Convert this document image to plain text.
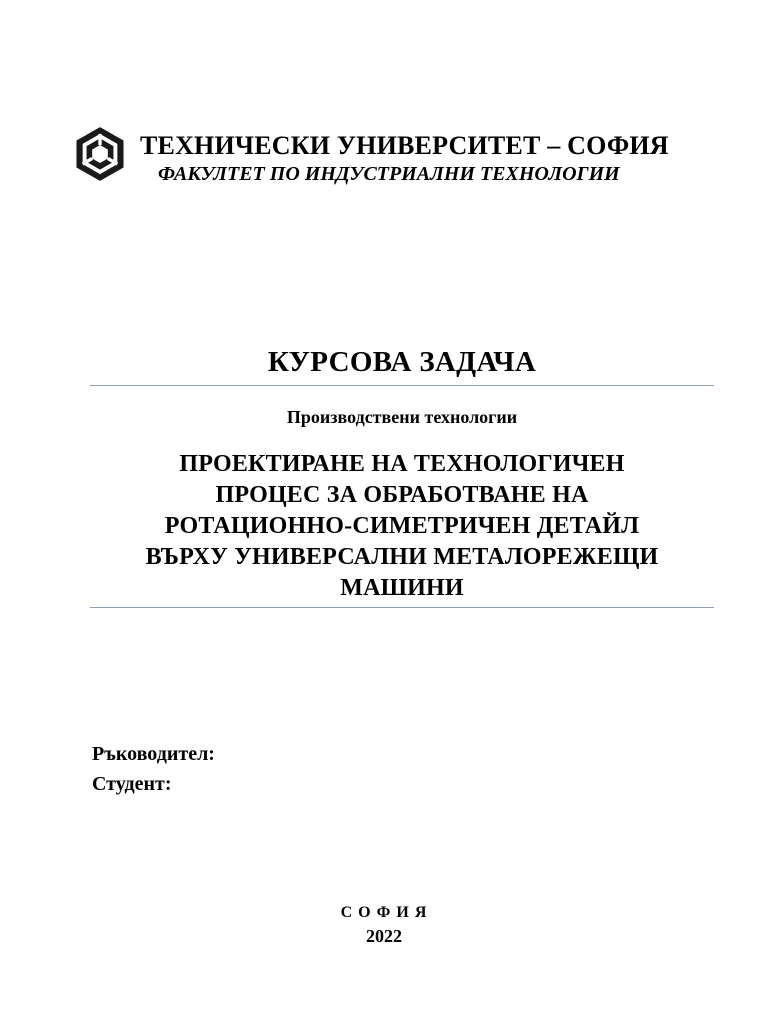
ТЕХНИЧЕСКИ УНИВЕРСИТЕТ – СОФИЯ
ФАКУЛТЕТ ПО ИНДУСТРИАЛНИ ТЕХНОЛОГИИ
КУРСОВА ЗАДАЧА
Производствени технологии
ПРОЕКТИРАНЕ НА ТЕХНОЛОГИЧЕН
ПРОЦЕС ЗА ОБРАБОТВАНЕ НА
РОТАЦИОННО-СИМЕТРИЧЕН ДЕТАЙЛ
ВЪРХУ УНИВЕРСАЛНИ МЕТАЛОРЕЖЕЩИ
МАШИНИ
Ръководител:
Студент:
С О Ф И Я
2022
